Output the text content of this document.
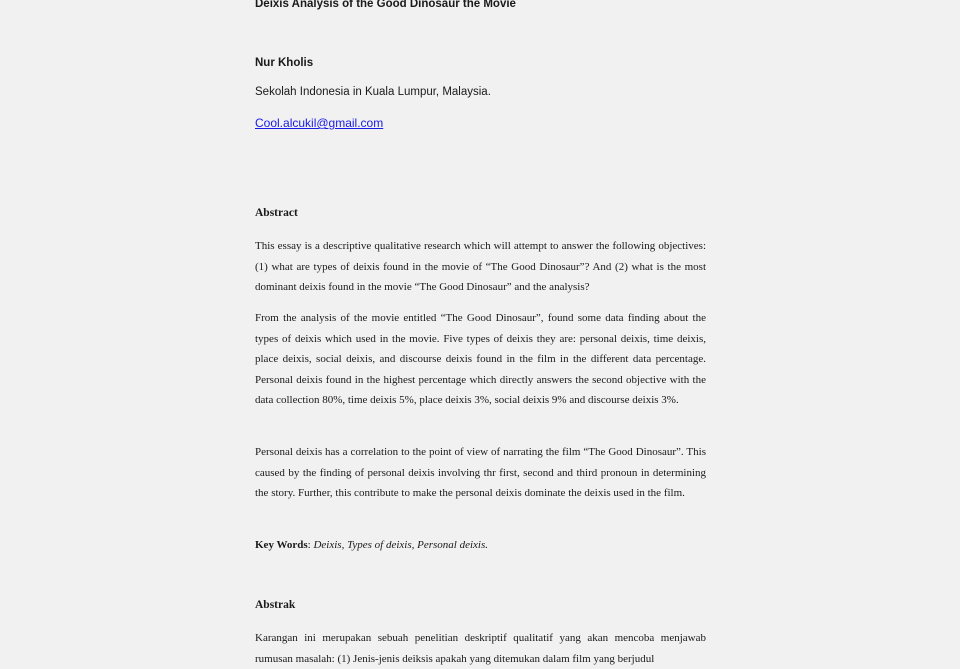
Deixis Analysis of the Good Dinosaur the Movie
Nur Kholis
Sekolah Indonesia in Kuala Lumpur, Malaysia.
Cool.alcukil@gmail.com
Abstract

This essay is a descriptive qualitative research which will attempt to answer the following objectives: (1) what are types of deixis found in the movie of “The Good Dinosaur”? And (2) what is the most dominant deixis found in the movie “The Good Dinosaur” and the analysis?

From the analysis of the movie entitled “The Good Dinosaur”, found some data finding about the types of deixis which used in the movie. Five types of deixis they are: personal deixis, time deixis, place deixis, social deixis, and discourse deixis found in the film in the different data percentage. Personal deixis found in the highest percentage which directly answers the second objective with the data collection 80%, time deixis 5%, place deixis 3%, social deixis 9% and discourse deixis 3%.

Personal deixis has a correlation to the point of view of narrating the film “The Good Dinosaur”. This caused by the finding of personal deixis involving thr first, second and third pronoun in determining the story. Further, this contribute to make the personal deixis dominate the deixis used in the film.

Key Words: Deixis, Types of deixis, Personal deixis.
Abstrak

Karangan ini merupakan sebuah penelitian deskriptif qualitatif yang akan mencoba menjawab rumusan masalah: (1) Jenis-jenis deiksis apakah yang ditemukan dalam film yang berjudul
